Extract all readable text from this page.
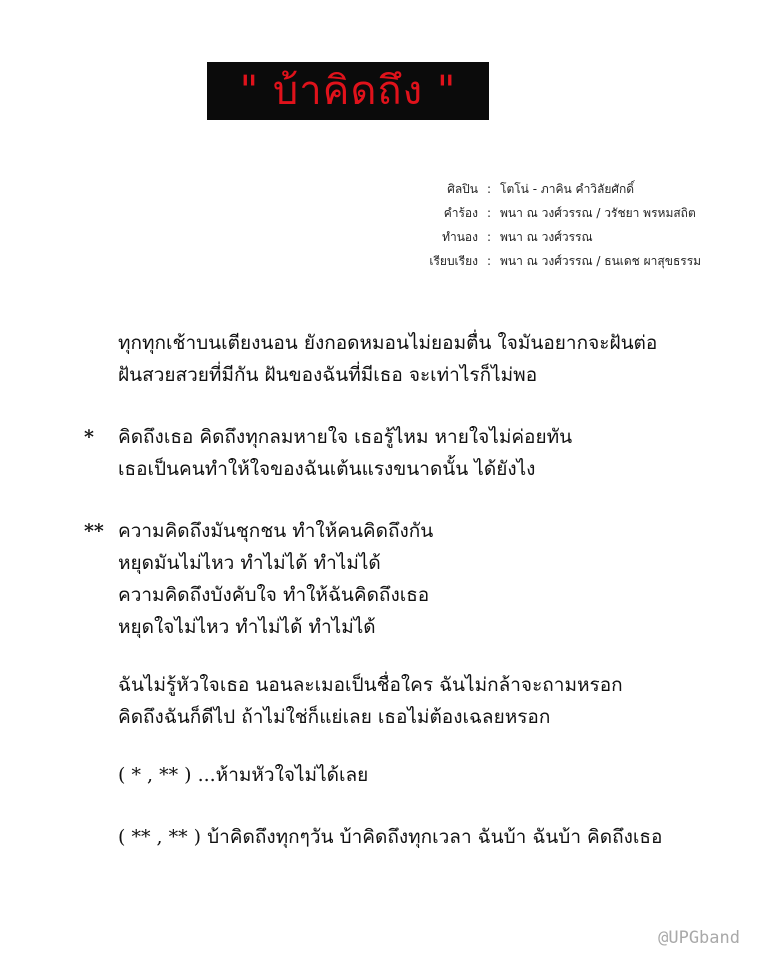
" บ้าคิดถึง "
ศิลปิน : โตโน่ - ภาคิน คำวิลัยศักดิ์
คำร้อง : พนา ณ วงศ์วรรณ / วรัชยา พรหมสถิต
ทำนอง : พนา ณ วงศ์วรรณ
เรียบเรียง : พนา ณ วงศ์วรรณ / ธนเดช ผาสุขธรรม
ทุกทุกเช้าบนเตียงนอน ยังกอดหมอนไม่ยอมตื่น ใจมันอยากจะฝันต่อ
ฝันสวยสวยที่มีกัน ฝันของฉันที่มีเธอ จะเท่าไรก็ไม่พอ
*	คิดถึงเธอ คิดถึงทุกลมหายใจ เธอรู้ไหม หายใจไม่ค่อยทัน
เธอเป็นคนทำให้ใจของฉันเต้นแรงขนาดนั้น ได้ยังไง
** ความคิดถึงมันชุกชน ทำให้คนคิดถึงกัน
หยุดมันไม่ไหว ทำไม่ได้ ทำไม่ได้
ความคิดถึงบังคับใจ ทำให้ฉันคิดถึงเธอ
หยุดใจไม่ไหว ทำไม่ได้ ทำไม่ได้
ฉันไม่รู้หัวใจเธอ นอนละเมอเป็นชื่อใคร ฉันไม่กล้าจะถามหรอก
คิดถึงฉันก็ดีไป ถ้าไม่ใช่ก็แย่เลย เธอไม่ต้องเฉลยหรอก
( * , ** ) ...ห้ามหัวใจไม่ได้เลย
( ** , ** ) บ้าคิดถึงทุกๆวัน บ้าคิดถึงทุกเวลา ฉันบ้า ฉันบ้า คิดถึงเธอ
@UPGband
